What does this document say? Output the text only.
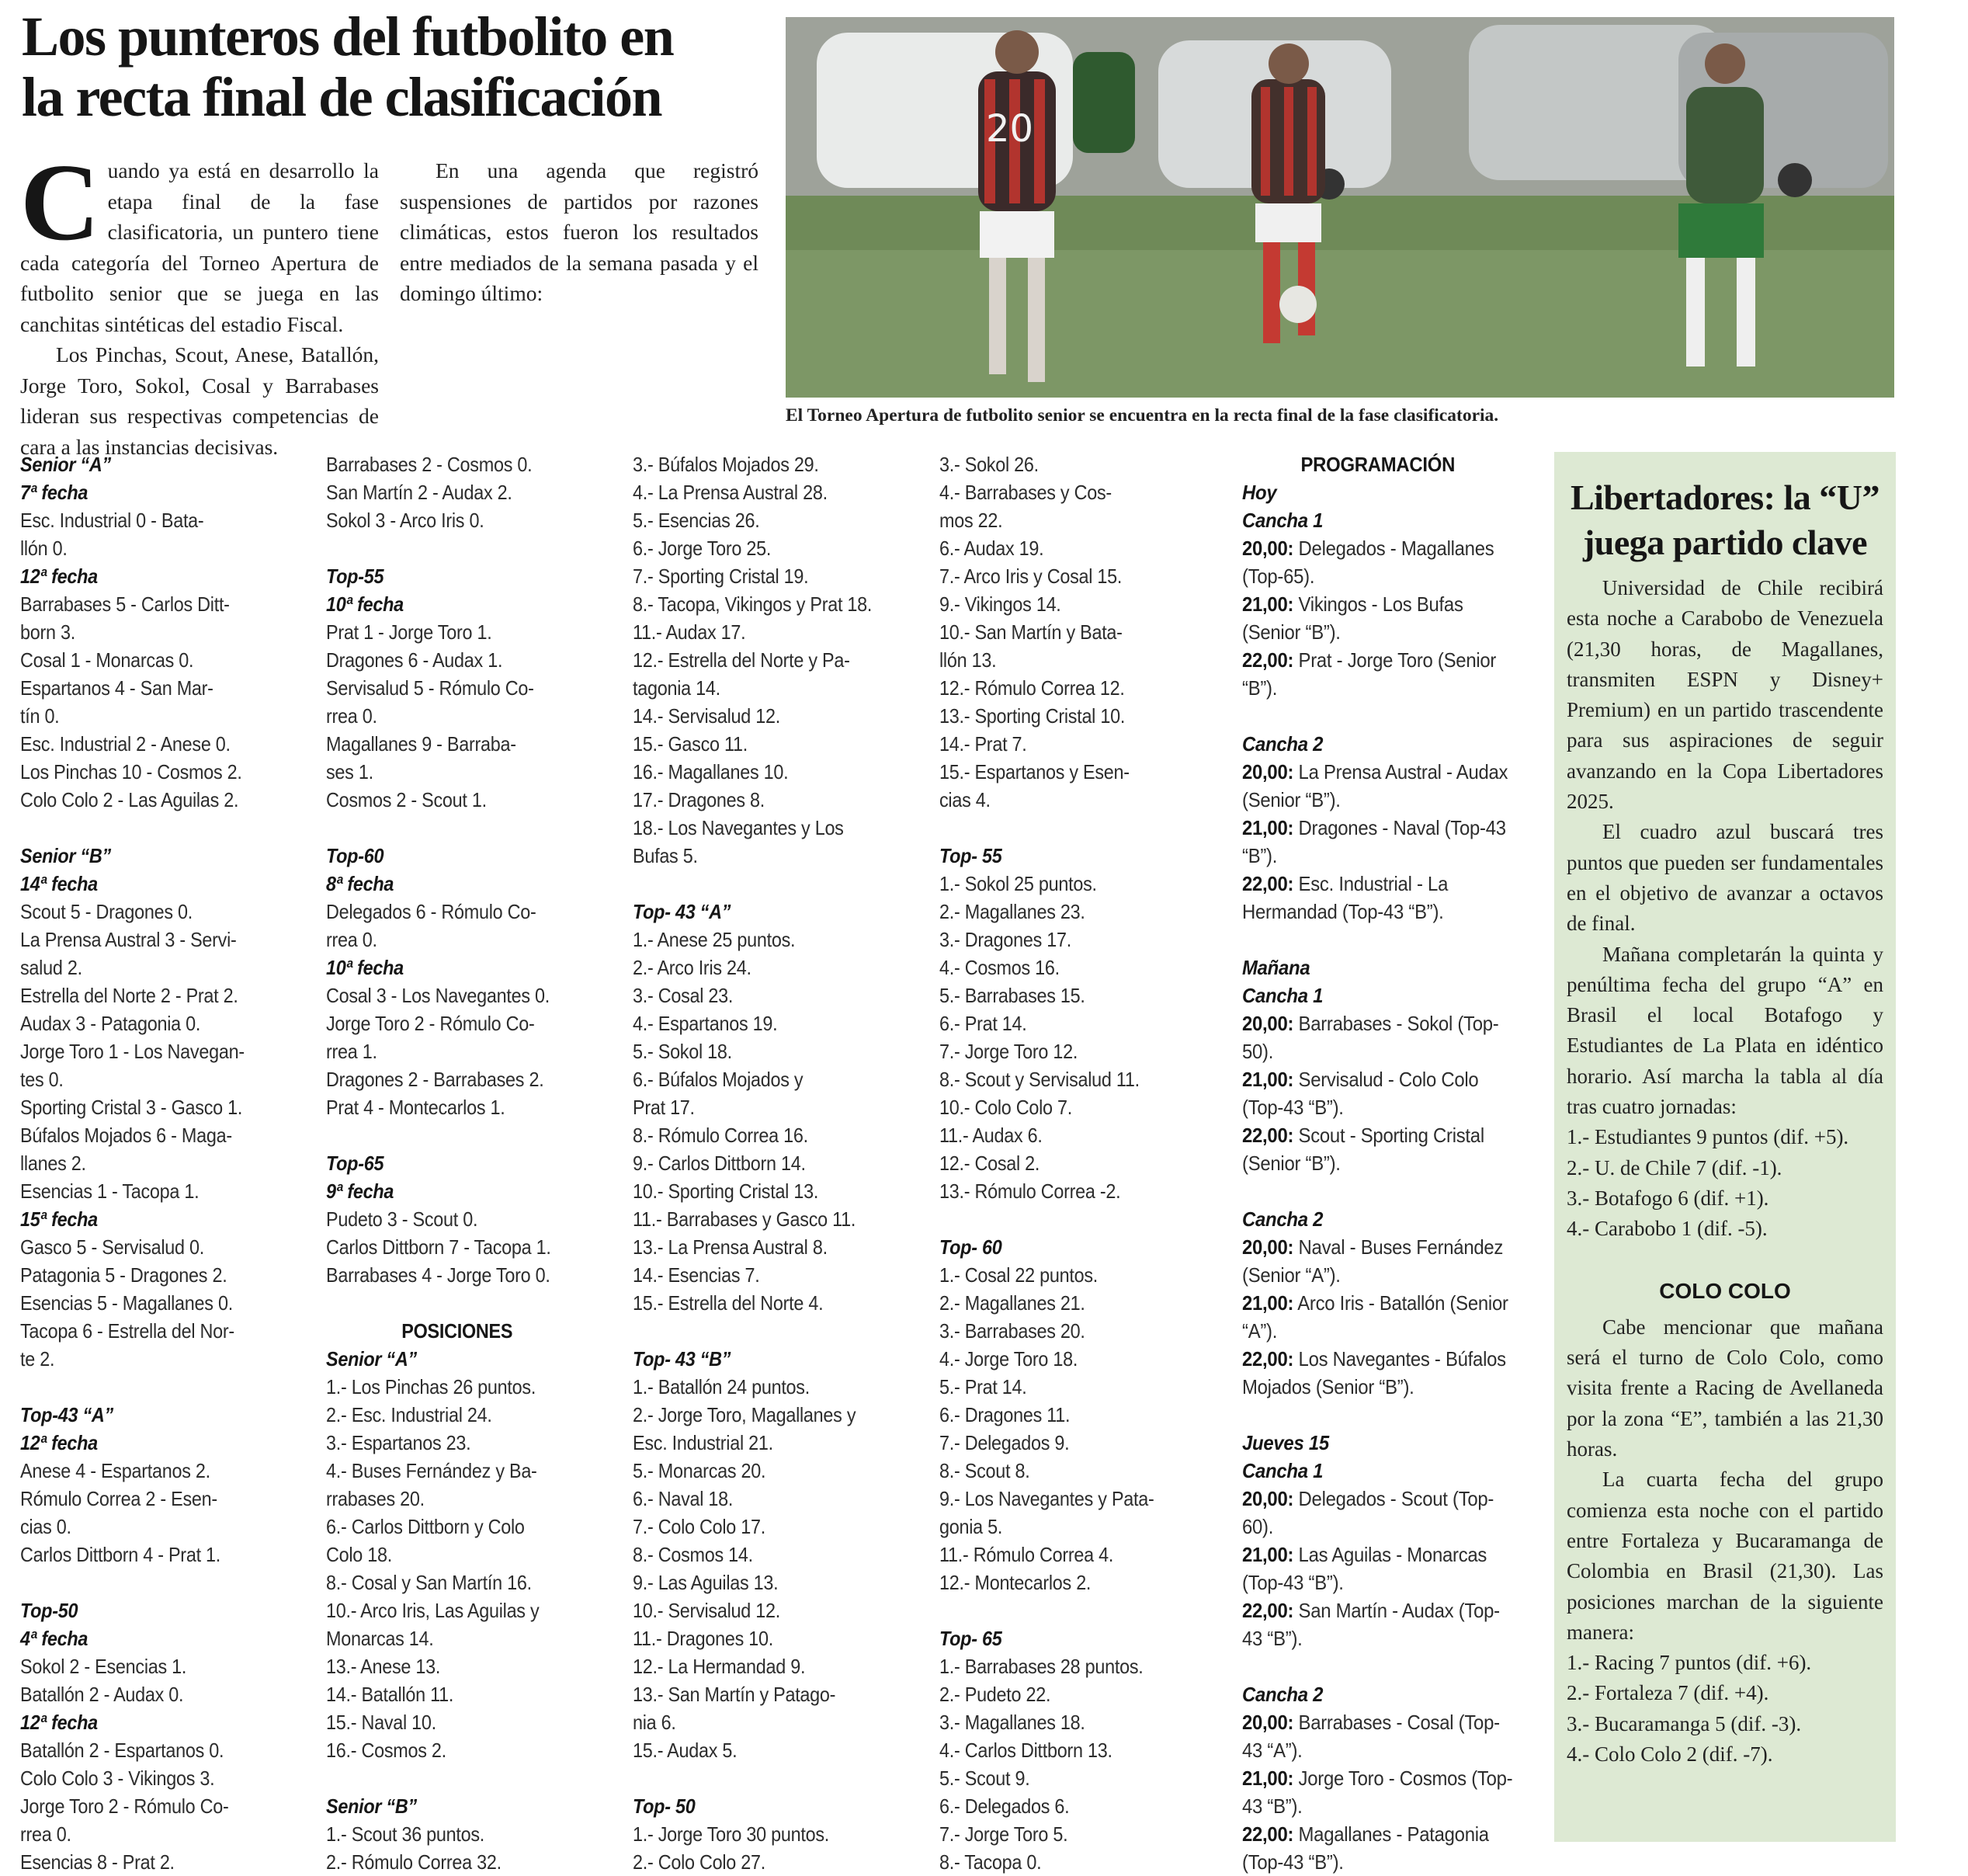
Los punteros del futbolito en
la recta final de clasificación

Cuando ya está en desarrollo la etapa final de la fase clasificatoria, un puntero tiene cada categoría del Torneo Apertura de futbolito senior que se juega en las canchitas sintéticas del estadio Fiscal.

Los Pinchas, Scout, Anese, Batallón, Jorge Toro, Sokol, Cosal y Barrabases lideran sus respectivas competencias de cara a las instancias decisivas.

En una agenda que registró suspensiones de partidos por razones climáticas, estos fueron los resultados entre mediados de la semana pasada y el domingo último:

20
El Torneo Apertura de futbolito senior se encuentra en la recta final de la fase clasificatoria.
Senior “A”
7ª fecha
Esc. Industrial 0 - Bata-
llón 0.
12ª fecha
Barrabases 5 - Carlos Ditt-
born 3.
Cosal 1 - Monarcas 0.
Espartanos 4 - San Mar-
tín 0.
Esc. Industrial 2 - Anese 0.
Los Pinchas 10 - Cosmos 2.
Colo Colo 2 - Las Aguilas 2.
Senior “B”
14ª fecha
Scout 5 - Dragones 0.
La Prensa Austral 3 - Servi-
salud 2.
Estrella del Norte 2 - Prat 2.
Audax 3 - Patagonia 0.
Jorge Toro 1 - Los Navegan-
tes 0.
Sporting Cristal 3 - Gasco 1.
Búfalos Mojados 6 - Maga-
llanes 2.
Esencias 1 - Tacopa 1.
15ª fecha
Gasco 5 - Servisalud 0.
Patagonia 5 - Dragones 2.
Esencias 5 - Magallanes 0.
Tacopa 6 - Estrella del Nor-
te 2.
Top-43 “A”
12ª fecha
Anese 4 - Espartanos 2.
Rómulo Correa 2 - Esen-
cias 0.
Carlos Dittborn 4 - Prat 1.
Top-50
4ª fecha
Sokol 2 - Esencias 1.
Batallón 2 - Audax 0.
12ª fecha
Batallón 2 - Espartanos 0.
Colo Colo 3 - Vikingos 3.
Jorge Toro 2 - Rómulo Co-
rrea 0.
Esencias 8 - Prat 2.
Barrabases 2 - Cosmos 0.
San Martín 2 - Audax 2.
Sokol 3 - Arco Iris 0.
Top-55
10ª fecha
Prat 1 - Jorge Toro 1.
Dragones 6 - Audax 1.
Servisalud 5 - Rómulo Co-
rrea 0.
Magallanes 9 - Barraba-
ses 1.
Cosmos 2 - Scout 1.
Top-60
8ª fecha
Delegados 6 - Rómulo Co-
rrea 0.
10ª fecha
Cosal 3 - Los Navegantes 0.
Jorge Toro 2 - Rómulo Co-
rrea 1.
Dragones 2 - Barrabases 2.
Prat 4 - Montecarlos 1.
Top-65
9ª fecha
Pudeto 3 - Scout 0.
Carlos Dittborn 7 - Tacopa 1.
Barrabases 4 - Jorge Toro 0.
POSICIONES
Senior “A”
1.- Los Pinchas 26 puntos.
2.- Esc. Industrial 24.
3.- Espartanos 23.
4.- Buses Fernández y Ba-
rrabases 20.
6.- Carlos Dittborn y Colo
Colo 18.
8.- Cosal y San Martín 16.
10.- Arco Iris, Las Aguilas y
Monarcas 14.
13.- Anese 13.
14.- Batallón 11.
15.- Naval 10.
16.- Cosmos 2.
Senior “B”
1.- Scout 36 puntos.
2.- Rómulo Correa 32.
3.- Búfalos Mojados 29.
4.- La Prensa Austral 28.
5.- Esencias 26.
6.- Jorge Toro 25.
7.- Sporting Cristal 19.
8.- Tacopa, Vikingos y Prat 18.
11.- Audax 17.
12.- Estrella del Norte y Pa-
tagonia 14.
14.- Servisalud 12.
15.- Gasco 11.
16.- Magallanes 10.
17.- Dragones 8.
18.- Los Navegantes y Los
Bufas 5.
Top- 43 “A”
1.- Anese 25 puntos.
2.- Arco Iris 24.
3.- Cosal 23.
4.- Espartanos 19.
5.- Sokol 18.
6.- Búfalos Mojados y
Prat 17.
8.- Rómulo Correa 16.
9.- Carlos Dittborn 14.
10.- Sporting Cristal 13.
11.- Barrabases y Gasco 11.
13.- La Prensa Austral 8.
14.- Esencias 7.
15.- Estrella del Norte 4.
Top- 43 “B”
1.- Batallón 24 puntos.
2.- Jorge Toro, Magallanes y
Esc. Industrial 21.
5.- Monarcas 20.
6.- Naval 18.
7.- Colo Colo 17.
8.- Cosmos 14.
9.- Las Aguilas 13.
10.- Servisalud 12.
11.- Dragones 10.
12.- La Hermandad 9.
13.- San Martín y Patago-
nia 6.
15.- Audax 5.
Top- 50
1.- Jorge Toro 30 puntos.
2.- Colo Colo 27.
3.- Sokol 26.
4.- Barrabases y Cos-
mos 22.
6.- Audax 19.
7.- Arco Iris y Cosal 15.
9.- Vikingos 14.
10.- San Martín y Bata-
llón 13.
12.- Rómulo Correa 12.
13.- Sporting Cristal 10.
14.- Prat 7.
15.- Espartanos y Esen-
cias 4.
Top- 55
1.- Sokol 25 puntos.
2.- Magallanes 23.
3.- Dragones 17.
4.- Cosmos 16.
5.- Barrabases 15.
6.- Prat 14.
7.- Jorge Toro 12.
8.- Scout y Servisalud 11.
10.- Colo Colo 7.
11.- Audax 6.
12.- Cosal 2.
13.- Rómulo Correa -2.
Top- 60
1.- Cosal 22 puntos.
2.- Magallanes 21.
3.- Barrabases 20.
4.- Jorge Toro 18.
5.- Prat 14.
6.- Dragones 11.
7.- Delegados 9.
8.- Scout 8.
9.- Los Navegantes y Pata-
gonia 5.
11.- Rómulo Correa 4.
12.- Montecarlos 2.
Top- 65
1.- Barrabases 28 puntos.
2.- Pudeto 22.
3.- Magallanes 18.
4.- Carlos Dittborn 13.
5.- Scout 9.
6.- Delegados 6.
7.- Jorge Toro 5.
8.- Tacopa 0.
PROGRAMACIÓN
Hoy
Cancha 1
20,00: Delegados - Magallanes (Top-65).
21,00: Vikingos - Los Bufas (Senior “B”).
22,00: Prat - Jorge Toro (Senior “B”).
Cancha 2
20,00: La Prensa Austral - Audax (Senior “B”).
21,00: Dragones - Naval (Top-43 “B”).
22,00: Esc. Industrial - La Hermandad (Top-43 “B”).
Mañana
Cancha 1
20,00: Barrabases - Sokol (Top-50).
21,00: Servisalud - Colo Colo (Top-43 “B”).
22,00: Scout - Sporting Cristal (Senior “B”).
Cancha 2
20,00: Naval - Buses Fernández (Senior “A”).
21,00: Arco Iris - Batallón (Senior “A”).
22,00: Los Navegantes - Búfalos Mojados (Senior “B”).
Jueves 15
Cancha 1
20,00: Delegados - Scout (Top-60).
21,00: Las Aguilas - Monarcas (Top-43 “B”).
22,00: San Martín - Audax (Top-43 “B”).
Cancha 2
20,00: Barrabases - Cosal (Top-43 “A”).
21,00: Jorge Toro - Cosmos (Top-43 “B”).
22,00: Magallanes - Patagonia (Top-43 “B”).
Libertadores: la “U”
juega partido clave

Universidad de Chile recibirá esta noche a Carabobo de Venezuela (21,30 horas, de Magallanes, transmiten ESPN y Disney+ Premium) en un partido trascendente para sus aspiraciones de seguir avanzando en la Copa Libertadores 2025.

El cuadro azul buscará tres puntos que pueden ser fundamentales en el objetivo de avanzar a octavos de final.

Mañana completarán la quinta y penúltima fecha del grupo “A” en Brasil el local Botafogo y Estudiantes de La Plata en idéntico horario. Así marcha la tabla al día tras cuatro jornadas:

1.- Estudiantes 9 puntos (dif. +5).

2.- U. de Chile 7 (dif. -1).

3.- Botafogo 6 (dif. +1).

4.- Carabobo 1 (dif. -5).

COLO COLO

Cabe mencionar que mañana será el turno de Colo Colo, como visita frente a Racing de Avellaneda por la zona “E”, también a las 21,30 horas.

La cuarta fecha del grupo comienza esta noche con el partido entre Fortaleza y Bucaramanga de Colombia en Brasil (21,30). Las posiciones marchan de la siguiente manera:

1.- Racing 7 puntos (dif. +6).

2.- Fortaleza 7 (dif. +4).

3.- Bucaramanga 5 (dif. -3).

4.- Colo Colo 2 (dif. -7).
